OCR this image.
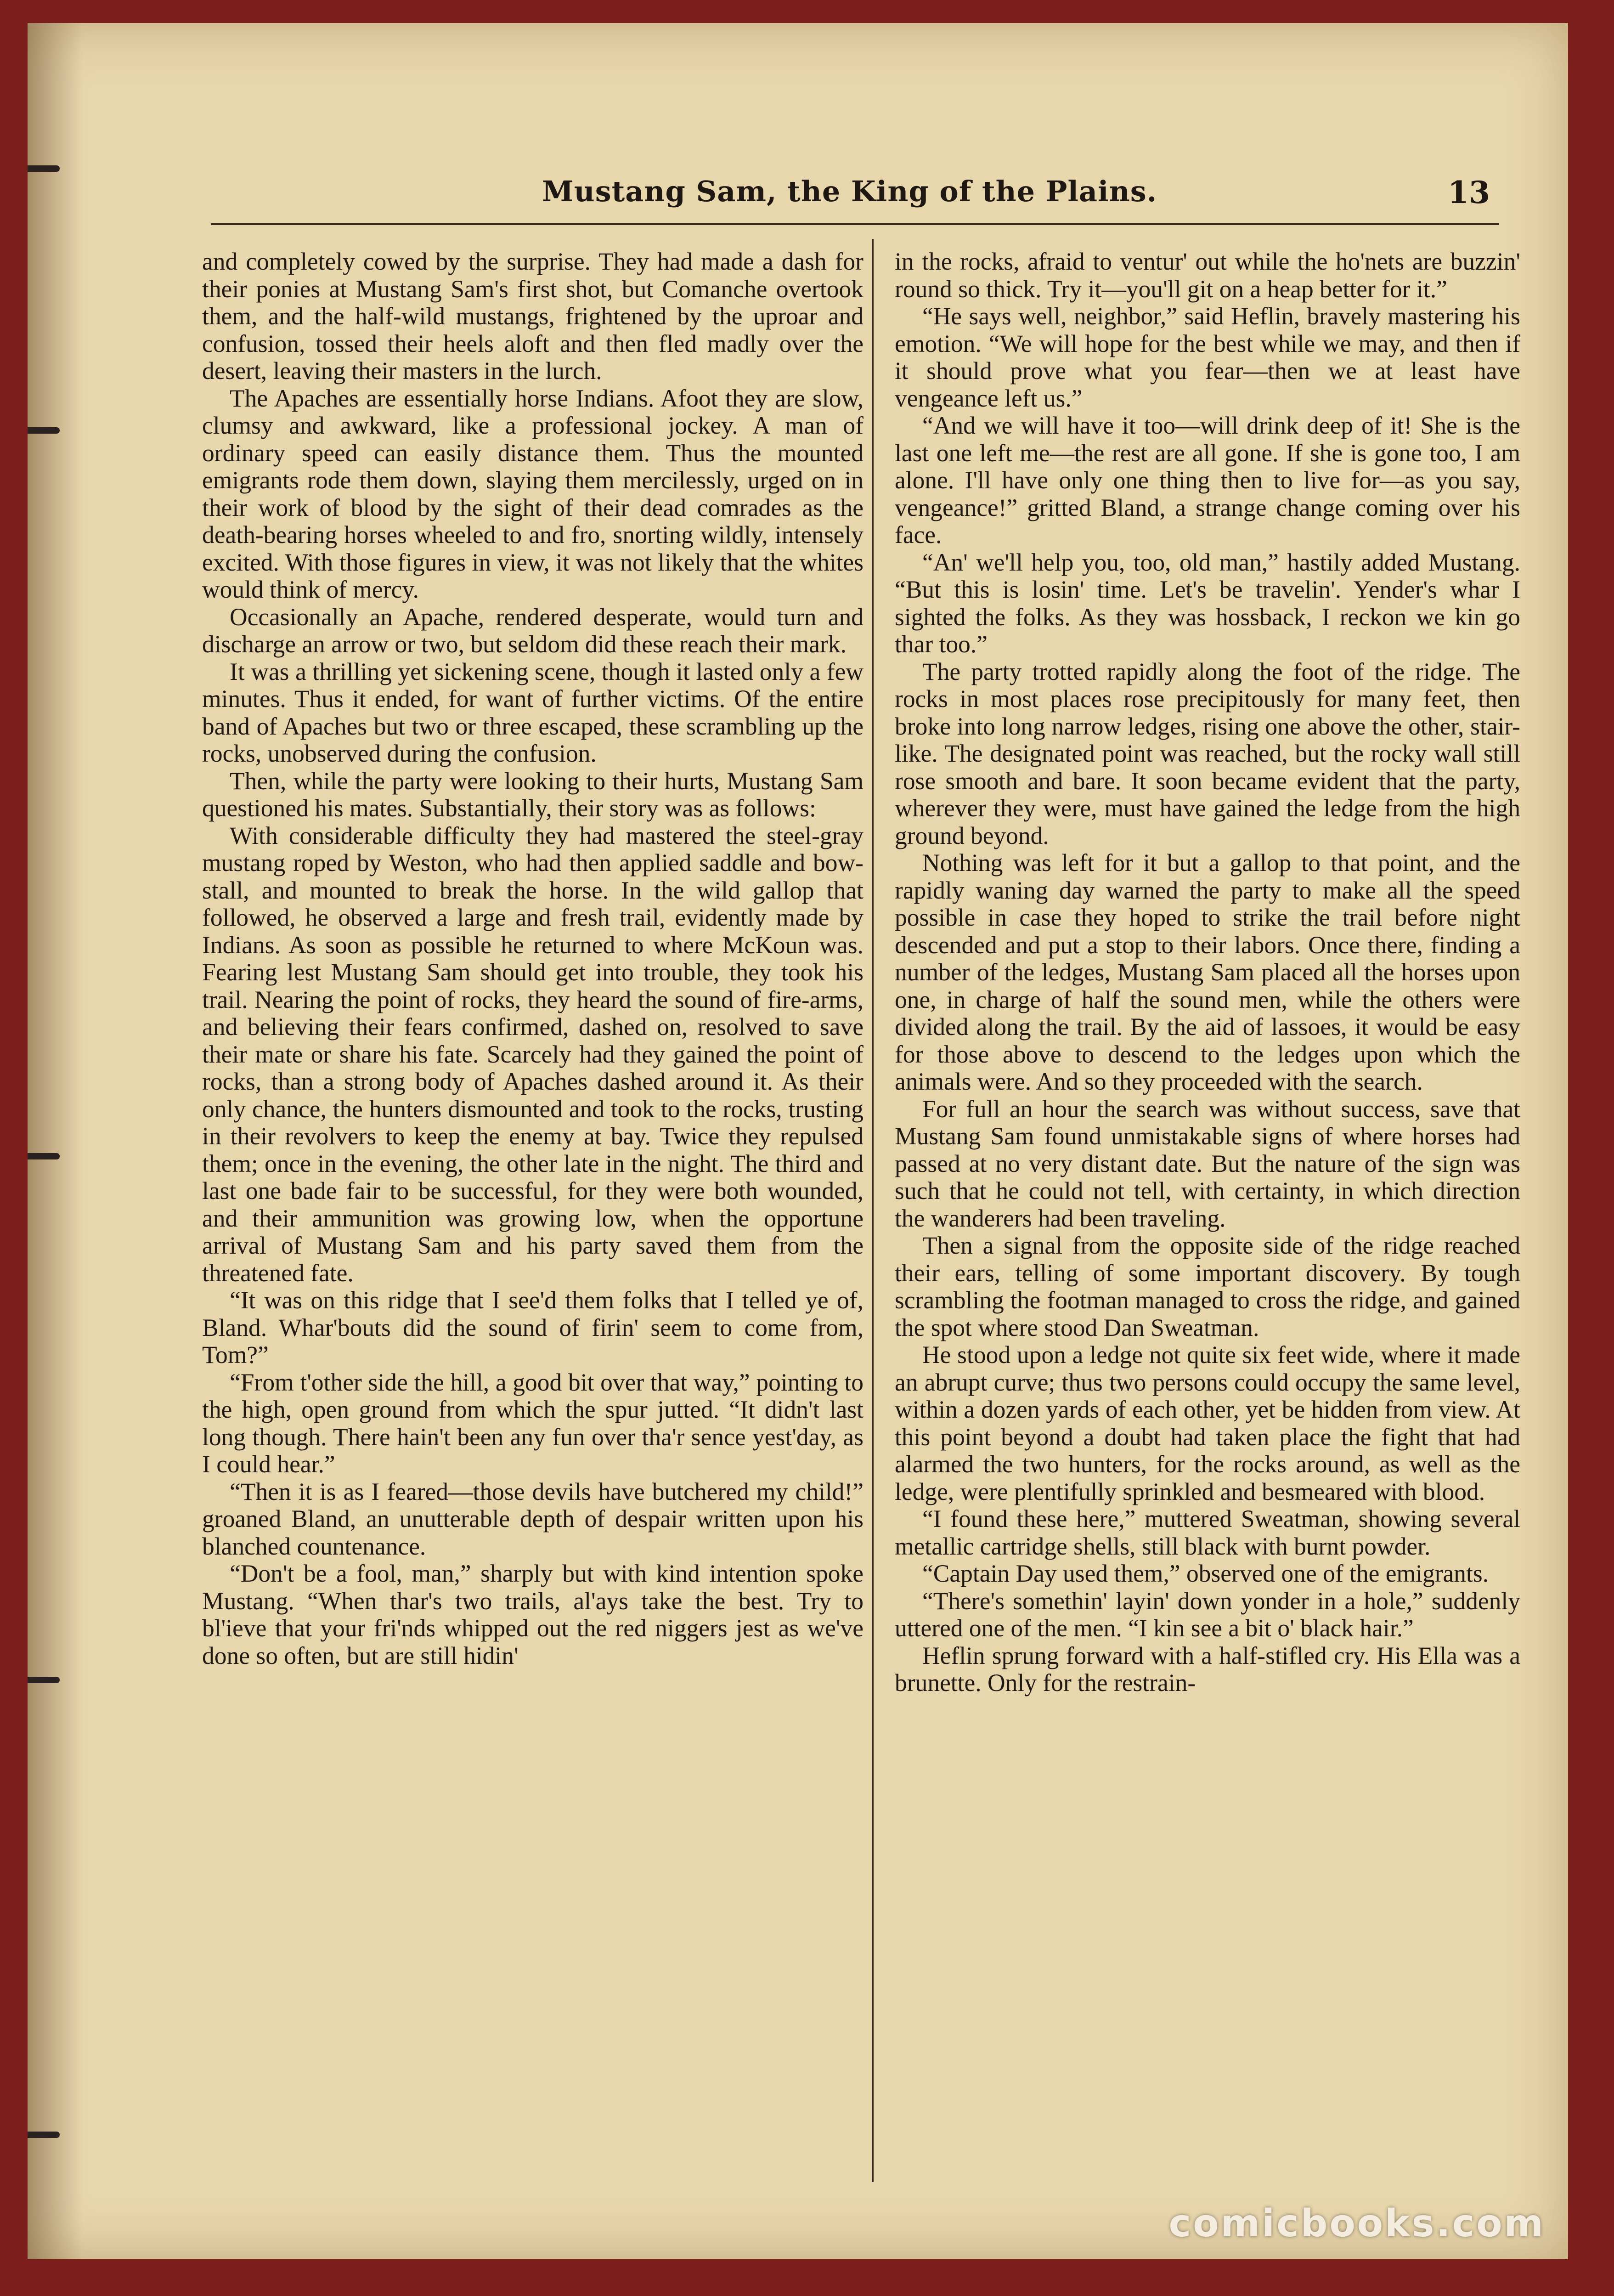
Mustang Sam, the King of the Plains.	13

and completely cowed by the surprise. They had made a dash for their ponies at Mustang Sam's first shot, but Comanche overtook them, and the half-wild mustangs, frightened by the uproar and confusion, tossed their heels aloft and then fled madly over the desert, leaving their masters in the lurch.

The Apaches are essentially horse Indians. Afoot they are slow, clumsy and awkward, like a professional jockey. A man of ordinary speed can easily distance them. Thus the mounted emigrants rode them down, slaying them mercilessly, urged on in their work of blood by the sight of their dead comrades as the death-bearing horses wheeled to and fro, snorting wildly, intensely excited. With those figures in view, it was not likely that the whites would think of mercy.

Occasionally an Apache, rendered desperate, would turn and discharge an arrow or two, but seldom did these reach their mark.

It was a thrilling yet sickening scene, though it lasted only a few minutes. Thus it ended, for want of further victims. Of the entire band of Apaches but two or three escaped, these scrambling up the rocks, unobserved during the confusion.

Then, while the party were looking to their hurts, Mustang Sam questioned his mates. Substantially, their story was as follows:

With considerable difficulty they had mastered the steel-gray mustang roped by Weston, who had then applied saddle and bow-stall, and mounted to break the horse. In the wild gallop that followed, he observed a large and fresh trail, evidently made by Indians. As soon as possible he returned to where McKoun was. Fearing lest Mustang Sam should get into trouble, they took his trail. Nearing the point of rocks, they heard the sound of fire-arms, and believing their fears confirmed, dashed on, resolved to save their mate or share his fate. Scarcely had they gained the point of rocks, than a strong body of Apaches dashed around it. As their only chance, the hunters dismounted and took to the rocks, trusting in their revolvers to keep the enemy at bay. Twice they repulsed them; once in the evening, the other late in the night. The third and last one bade fair to be successful, for they were both wounded, and their ammunition was growing low, when the opportune arrival of Mustang Sam and his party saved them from the threatened fate.

“It was on this ridge that I see'd them folks that I telled ye of, Bland. Whar'bouts did the sound of firin' seem to come from, Tom?”

“From t'other side the hill, a good bit over that way,” pointing to the high, open ground from which the spur jutted. “It didn't last long though. There hain't been any fun over tha'r sence yest'day, as I could hear.”

“Then it is as I feared—those devils have butchered my child!” groaned Bland, an unutterable depth of despair written upon his blanched countenance.

“Don't be a fool, man,” sharply but with kind intention spoke Mustang. “When thar's two trails, al'ays take the best. Try to bl'ieve that your fri'nds whipped out the red niggers jest as we've done so often, but are still hidin'

in the rocks, afraid to ventur' out while the ho'nets are buzzin' round so thick. Try it—you'll git on a heap better for it.”

“He says well, neighbor,” said Heflin, bravely mastering his emotion. “We will hope for the best while we may, and then if it should prove what you fear—then we at least have vengeance left us.”

“And we will have it too—will drink deep of it! She is the last one left me—the rest are all gone. If she is gone too, I am alone. I'll have only one thing then to live for—as you say, vengeance!” gritted Bland, a strange change coming over his face.

“An' we'll help you, too, old man,” hastily added Mustang. “But this is losin' time. Let's be travelin'. Yender's whar I sighted the folks. As they was hossback, I reckon we kin go thar too.”

The party trotted rapidly along the foot of the ridge. The rocks in most places rose precipitously for many feet, then broke into long narrow ledges, rising one above the other, stair-like. The designated point was reached, but the rocky wall still rose smooth and bare. It soon became evident that the party, wherever they were, must have gained the ledge from the high ground beyond.

Nothing was left for it but a gallop to that point, and the rapidly waning day warned the party to make all the speed possible in case they hoped to strike the trail before night descended and put a stop to their labors. Once there, finding a number of the ledges, Mustang Sam placed all the horses upon one, in charge of half the sound men, while the others were divided along the trail. By the aid of lassoes, it would be easy for those above to descend to the ledges upon which the animals were. And so they proceeded with the search.

For full an hour the search was without success, save that Mustang Sam found unmistakable signs of where horses had passed at no very distant date. But the nature of the sign was such that he could not tell, with certainty, in which direction the wanderers had been traveling.

Then a signal from the opposite side of the ridge reached their ears, telling of some important discovery. By tough scrambling the footman managed to cross the ridge, and gained the spot where stood Dan Sweatman.

He stood upon a ledge not quite six feet wide, where it made an abrupt curve; thus two persons could occupy the same level, within a dozen yards of each other, yet be hidden from view. At this point beyond a doubt had taken place the fight that had alarmed the two hunters, for the rocks around, as well as the ledge, were plentifully sprinkled and besmeared with blood.

“I found these here,” muttered Sweatman, showing several metallic cartridge shells, still black with burnt powder.

“Captain Day used them,” observed one of the emigrants.

“There's somethin' layin' down yonder in a hole,” suddenly uttered one of the men. “I kin see a bit o' black hair.”

Heflin sprung forward with a half-stifled cry. His Ella was a brunette. Only for the restrain-

comicbooks.com
